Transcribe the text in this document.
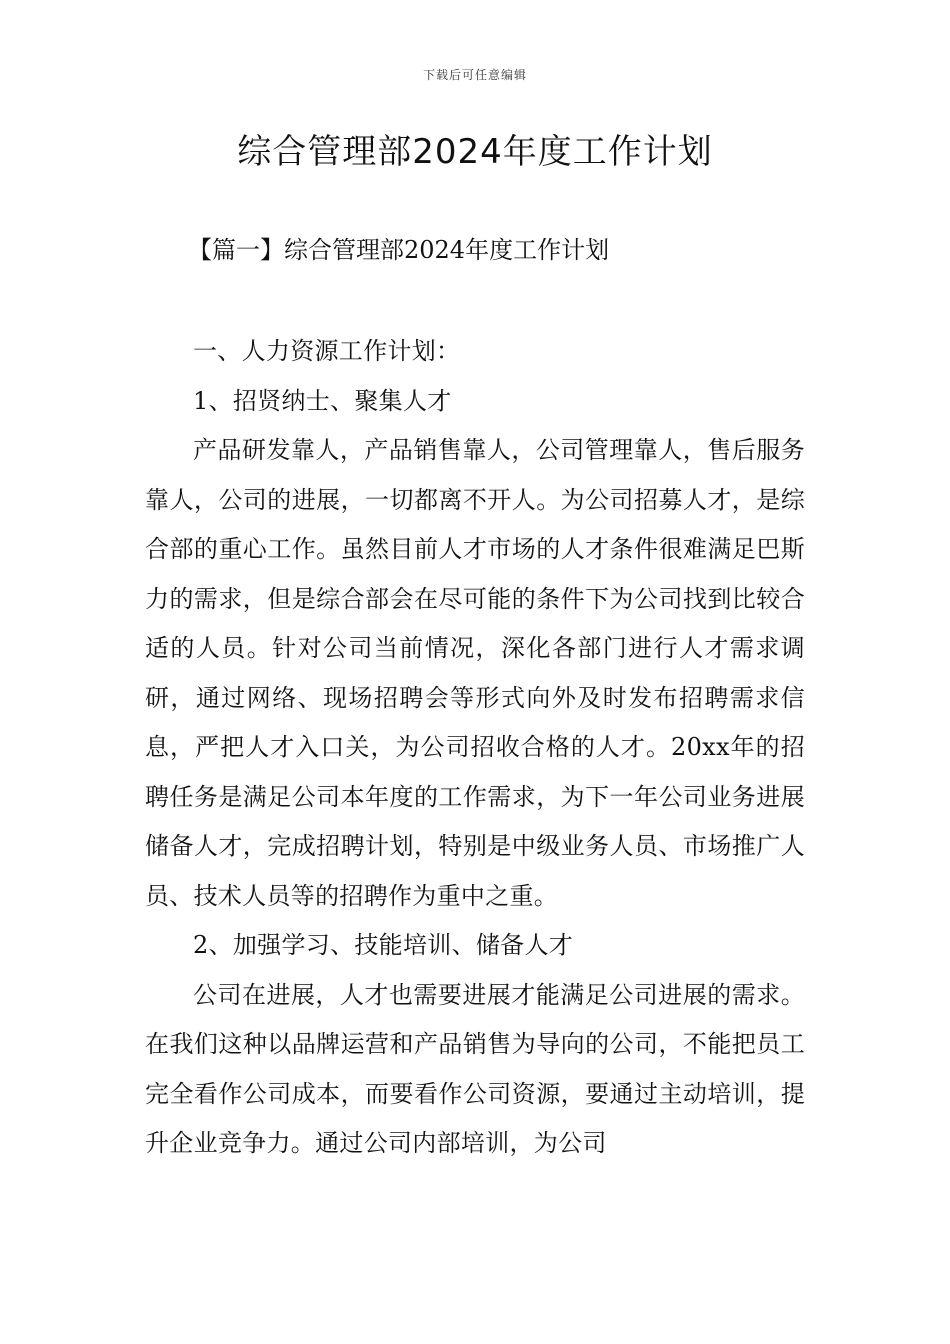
下载后可任意编辑
综合管理部2024年度工作计划
【篇一】综合管理部2024年度工作计划

一、人力资源工作计划：

1、招贤纳士、聚集人才

产品研发靠人，产品销售靠人，公司管理靠人，售后服务靠人，公司的进展，一切都离不开人。为公司招募人才，是综合部的重心工作。虽然目前人才市场的人才条件很难满足巴斯力的需求，但是综合部会在尽可能的条件下为公司找到比较合适的人员。针对公司当前情况，深化各部门进行人才需求调研，通过网络、现场招聘会等形式向外及时发布招聘需求信息，严把人才入口关，为公司招收合格的人才。20xx年的招聘任务是满足公司本年度的工作需求，为下一年公司业务进展储备人才，完成招聘计划，特别是中级业务人员、市场推广人员、技术人员等的招聘作为重中之重。

2、加强学习、技能培训、储备人才

公司在进展，人才也需要进展才能满足公司进展的需求。在我们这种以品牌运营和产品销售为导向的公司，不能把员工完全看作公司成本，而要看作公司资源，要通过主动培训，提升企业竞争力。通过公司内部培训，为公司
